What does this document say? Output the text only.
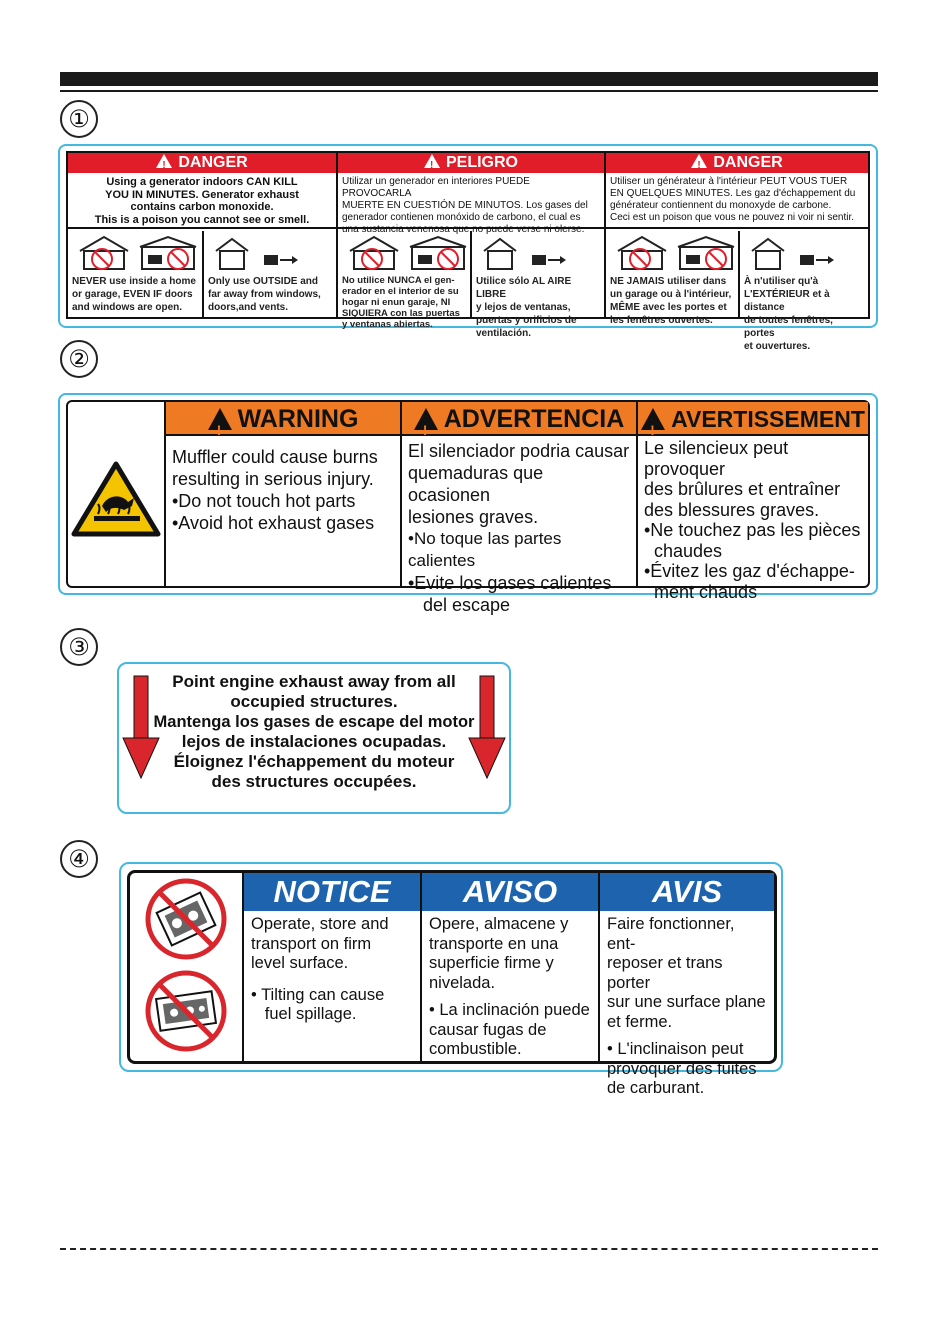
①
!DANGER
Using a generator indoors CAN KILL
YOU IN MINUTES. Generator exhaust
contains carbon monoxide.
This is a poison you cannot see or smell.
NEVER use inside a home
or garage, EVEN IF doors
and windows are open.
Only use OUTSIDE and
far away from windows,
doors,and vents.
!PELIGRO
Utilizar un generador en interiores PUEDE PROVOCARLA
MUERTE EN CUESTIÓN DE MINUTOS. Los gases del
generador contienen monóxido de carbono, el cual es
una sustancia venenosa que no puede verse ni olerse.
No utilice NUNCA el gen-
erador en el interior de su
hogar ni enun garaje, NI
SIQUIERA con las puertas
y ventanas abiertas.
Utilice sólo AL AIRE LIBRE
y lejos de ventanas,
puertas y orificios de
ventilación.
!DANGER
Utiliser un générateur à l'intérieur PEUT VOUS TUER
EN QUELQUES MINUTES. Les gaz d'échappement du
générateur contiennent du monoxyde de carbone.
Ceci est un poison que vous ne pouvez ni voir ni sentir.
NE JAMAIS utiliser dans
un garage ou à l'intérieur,
MÊME avec les portes et
les fenêtres ouvertes.
À n'utiliser qu'à
L'EXTÉRIEUR et à distance
de toutes fenêtres, portes
et ouvertures.
②
!WARNING
!	ADVERTENCIA
!	AVERTISSEMENT

Muffler could cause burns

resulting in serious injury.

•Do not touch hot parts

•Avoid hot exhaust gases

El silenciador podria causar

quemaduras que ocasionen

lesiones graves.

•No toque las partes calientes

•Evite los gases calientes

del escape

Le silencieux peut provoquer

des brûlures et entraîner

des blessures graves.

•Ne touchez pas les pièces

chaudes

•Évitez les gaz d'échappe-

ment chauds

③
Point engine exhaust away from all
occupied structures.
Mantenga los gases de escape del motor
lejos de instalaciones ocupadas.
Éloignez l'échappement du moteur
des structures occupées.
④
NOTICE	AVISO	AVIS

Operate, store and
transport on firm
level surface.

• Tilting can cause
fuel spillage.

Opere, almacene y
transporte en una
superficie firme y
nivelada.

• La inclinación puede
causar fugas de
combustible.

Faire fonctionner, ent-
reposer et trans porter
sur une surface plane
et ferme.

• L'inclinaison peut
provoquer des fuites
de carburant.
